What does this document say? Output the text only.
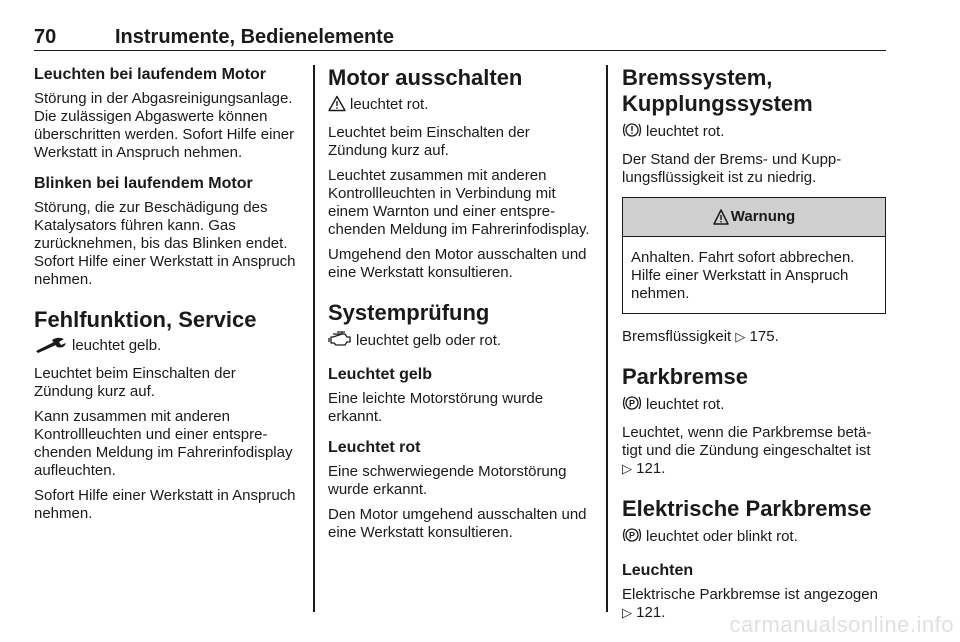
70	Instrumente, Bedienelemente
Leuchten bei laufendem Motor

Störung in der Abgasreinigungsanlage. Die zulässigen Abgaswerte können überschritten werden. Sofort Hilfe einer Werkstatt in Anspruch nehmen.

Blinken bei laufendem Motor

Störung, die zur Beschädigung des Katalysators führen kann. Gas zurücknehmen, bis das Blinken endet. Sofort Hilfe einer Werkstatt in Anspruch nehmen.

Fehlfunktion, Service

leuchtet gelb.

Leuchtet beim Einschalten der Zündung kurz auf.

Kann zusammen mit anderen Kontrollleuchten und einer entsprechenden Meldung im Fahrerinfodisplay aufleuchten.

Sofort Hilfe einer Werkstatt in Anspruch nehmen.

Motor ausschalten

leuchtet rot.

Leuchtet beim Einschalten der Zündung kurz auf.

Leuchtet zusammen mit anderen Kontrollleuchten in Verbindung mit einem Warnton und einer entsprechenden Meldung im Fahrerinfodisplay.

Umgehend den Motor ausschalten und eine Werkstatt konsultieren.

Systemprüfung

leuchtet gelb oder rot.

Leuchtet gelb

Eine leichte Motorstörung wurde erkannt.

Leuchtet rot

Eine schwerwiegende Motorstörung wurde erkannt.

Den Motor umgehend ausschalten und eine Werkstatt konsultieren.

Bremssystem, Kupplungssystem

leuchtet rot.

Der Stand der Brems- und Kupplungsflüssigkeit ist zu niedrig.

Warnung
Anhalten. Fahrt sofort abbrechen. Hilfe einer Werkstatt in Anspruch nehmen.

Bremsflüssigkeit ▷ 175.

Parkbremse

P leuchtet rot.

Leuchtet, wenn die Parkbremse betätigt und die Zündung eingeschaltet ist
▷ 121.

Elektrische Parkbremse

P leuchtet oder blinkt rot.

Leuchten

Elektrische Parkbremse ist angezogen ▷ 121.	carmanualsonline.info
